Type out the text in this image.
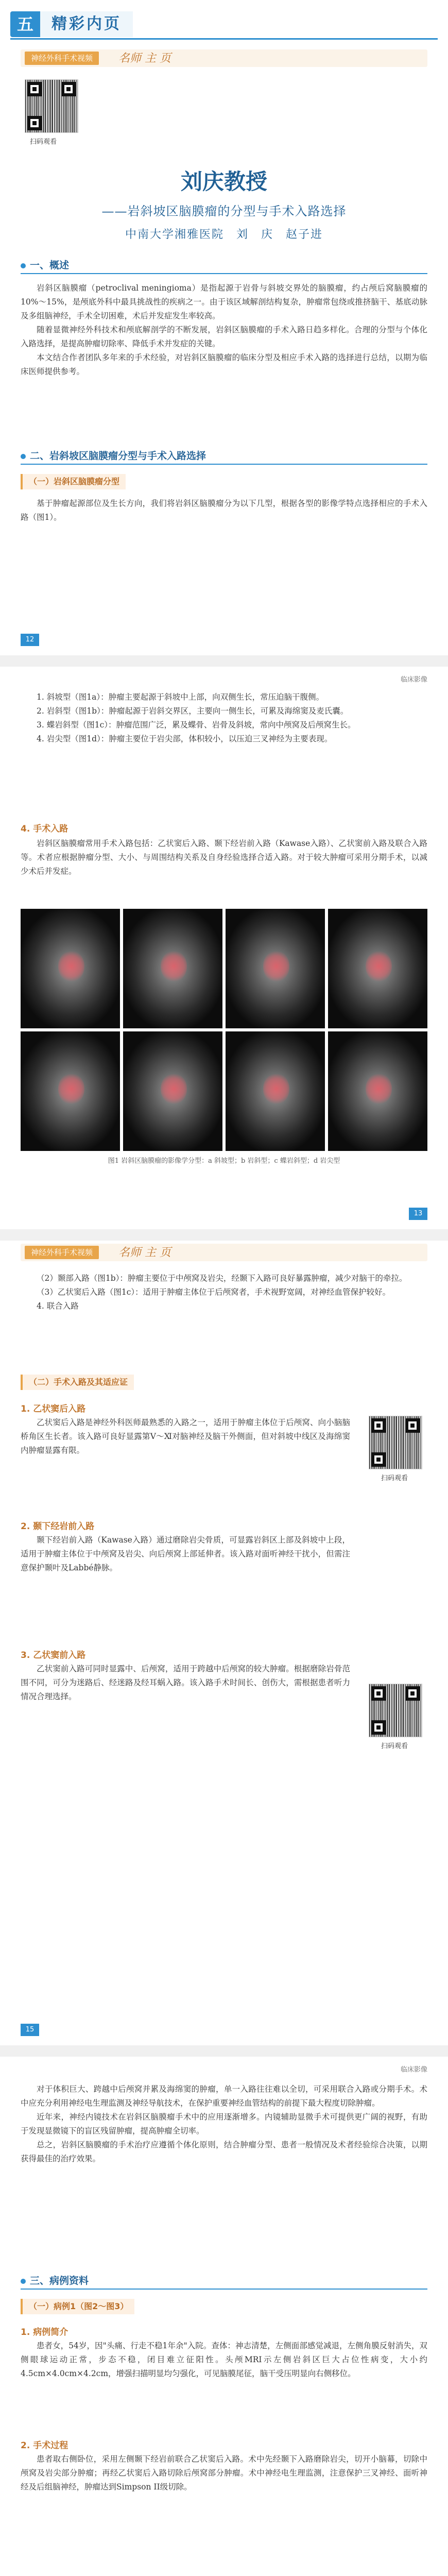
五	精彩内页
神经外科手术视频	名师 主 页
扫码观看
刘庆教授
——岩斜坡区脑膜瘤的分型与手术入路选择
中南大学湘雅医院　刘　庆　赵子进
一、概述

岩斜区脑膜瘤（petroclival meningioma）是指起源于岩骨与斜坡交界处的脑膜瘤，约占颅后窝脑膜瘤的10%～15%，是颅底外科中最具挑战性的疾病之一。由于该区域解剖结构复杂，肿瘤常包绕或推挤脑干、基底动脉及多组脑神经，手术全切困难，术后并发症发生率较高。

随着显微神经外科技术和颅底解剖学的不断发展，岩斜区脑膜瘤的手术入路日趋多样化。合理的分型与个体化入路选择，是提高肿瘤切除率、降低手术并发症的关键。

本文结合作者团队多年来的手术经验，对岩斜区脑膜瘤的临床分型及相应手术入路的选择进行总结，以期为临床医师提供参考。

二、岩斜坡区脑膜瘤分型与手术入路选择
（一）岩斜区脑膜瘤分型

基于肿瘤起源部位及生长方向，我们将岩斜区脑膜瘤分为以下几型，根据各型的影像学特点选择相应的手术入路（图1）。

12
临床影像

1. 斜坡型（图1a）：肿瘤主要起源于斜坡中上部，向双侧生长，常压迫脑干腹侧。

2. 岩斜型（图1b）：肿瘤起源于岩斜交界区，主要向一侧生长，可累及海绵窦及麦氏囊。

3. 蝶岩斜型（图1c）：肿瘤范围广泛，累及蝶骨、岩骨及斜坡，常向中颅窝及后颅窝生长。

4. 岩尖型（图1d）：肿瘤主要位于岩尖部，体积较小，以压迫三叉神经为主要表现。

4. 手术入路

岩斜区脑膜瘤常用手术入路包括：乙状窦后入路、颞下经岩前入路（Kawase入路）、乙状窦前入路及联合入路等。术者应根据肿瘤分型、大小、与周围结构关系及自身经验选择合适入路。对于较大肿瘤可采用分期手术，以减少术后并发症。

图1 岩斜区脑膜瘤的影像学分型：a 斜坡型；b 岩斜型；c 蝶岩斜型；d 岩尖型
13
神经外科手术视频	名师 主 页

（2）颞部入路（图1b）：肿瘤主要位于中颅窝及岩尖，经颞下入路可良好暴露肿瘤，减少对脑干的牵拉。

（3）乙状窦后入路（图1c）：适用于肿瘤主体位于后颅窝者，手术视野宽阔，对神经血管保护较好。

4. 联合入路

（二）手术入路及其适应证
1. 乙状窦后入路

乙状窦后入路是神经外科医师最熟悉的入路之一，适用于肿瘤主体位于后颅窝、向小脑脑桥角区生长者。该入路可良好显露第Ⅴ～Ⅺ对脑神经及脑干外侧面，但对斜坡中线区及海绵窦内肿瘤显露有限。

扫码观看
2. 颞下经岩前入路

颞下经岩前入路（Kawase入路）通过磨除岩尖骨质，可显露岩斜区上部及斜坡中上段，适用于肿瘤主体位于中颅窝及岩尖、向后颅窝上部延伸者。该入路对面听神经干扰小，但需注意保护颞叶及Labbé静脉。

3. 乙状窦前入路

乙状窦前入路可同时显露中、后颅窝，适用于跨越中后颅窝的较大肿瘤。根据磨除岩骨范围不同，可分为迷路后、经迷路及经耳蜗入路。该入路手术时间长、创伤大，需根据患者听力情况合理选择。

扫码观看
15
临床影像

对于体积巨大、跨越中后颅窝并累及海绵窦的肿瘤，单一入路往往难以全切，可采用联合入路或分期手术。术中应充分利用神经电生理监测及神经导航技术，在保护重要神经血管结构的前提下最大程度切除肿瘤。

近年来，神经内镜技术在岩斜区脑膜瘤手术中的应用逐渐增多。内镜辅助显微手术可提供更广阔的视野，有助于发现显微镜下的盲区残留肿瘤，提高肿瘤全切率。

总之，岩斜区脑膜瘤的手术治疗应遵循个体化原则，结合肿瘤分型、患者一般情况及术者经验综合决策，以期获得最佳的治疗效果。

三、病例资料
（一）病例1（图2～图3）
1. 病例简介

患者女，54岁，因"头痛、行走不稳1年余"入院。查体：神志清楚，左侧面部感觉减退，左侧角膜反射消失，双侧眼球运动正常，步态不稳，闭目难立征阳性。头颅MRI示左侧岩斜区巨大占位性病变，大小约4.5cm×4.0cm×4.2cm，增强扫描明显均匀强化，可见脑膜尾征，脑干受压明显向右侧移位。

2. 手术过程

患者取右侧卧位，采用左侧颞下经岩前联合乙状窦后入路。术中先经颞下入路磨除岩尖，切开小脑幕，切除中颅窝及岩尖部分肿瘤；再经乙状窦后入路切除后颅窝部分肿瘤。术中神经电生理监测，注意保护三叉神经、面听神经及后组脑神经，肿瘤达到Simpson II级切除。
